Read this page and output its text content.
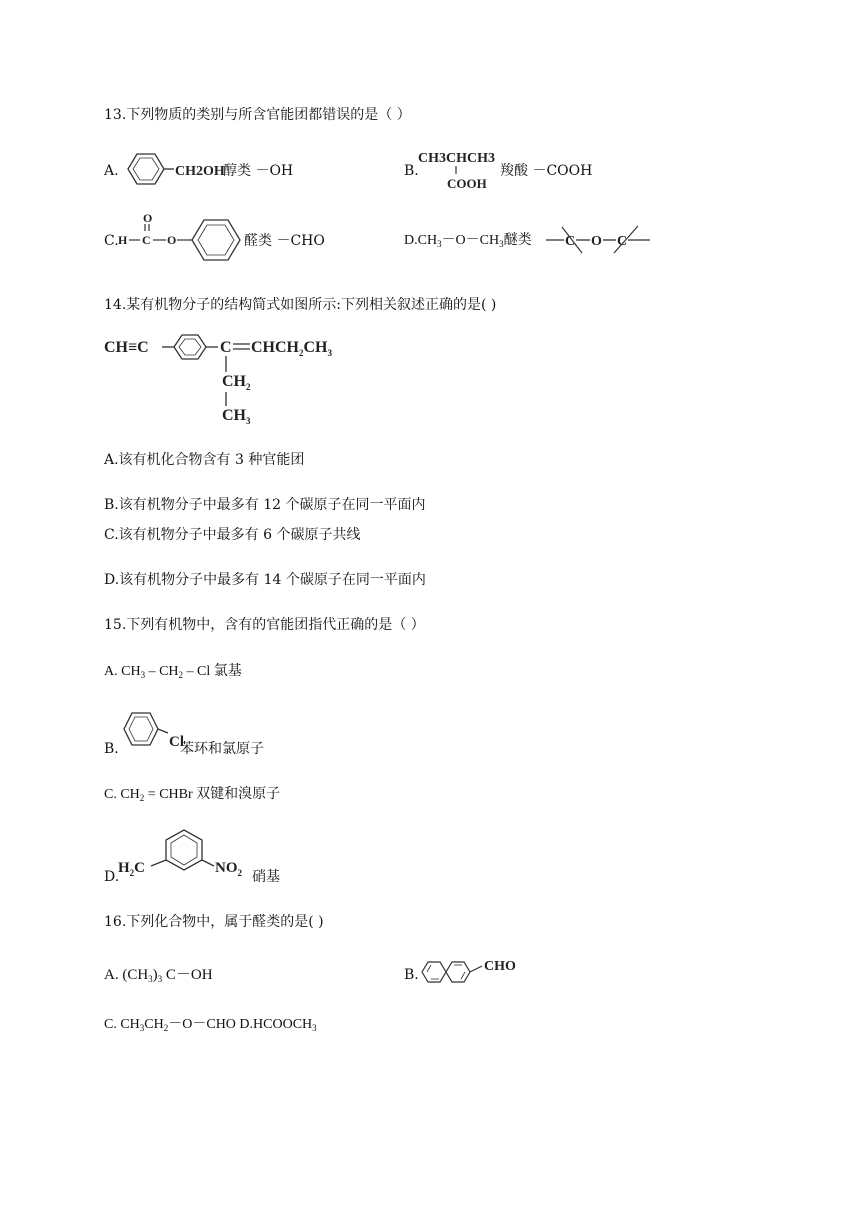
13.下列物质的类别与所含官能团都错误的是（ ）
A.	CH2OH
醇类 －OH	B.
CH3CHCH3
COOH
羧酸 －COOH
C. H C
O
O	醛类 －CHO	$D.CH_3-O-CH_3$醚类 C O C
14.某有机物分子的结构简式如图所示:下列相关叙述正确的是( )
CH≡C	C $CHCH_2CH_3$
$CH_2$
$CH_3$
A.该有机化合物含有 3 种官能团
B.该有机物分子中最多有 12 个碳原子在同一平面内
C.该有机物分子中最多有 6 个碳原子共线
D.该有机物分子中最多有 14 个碳原子在同一平面内
15.下列有机物中，含有的官能团指代正确的是（ ）
A. $CH_3 - CH_2$ – Cl 氯基
B.	Cl
苯环和氯原子
C. $CH_2$ = CHBr 双键和溴原子
D.
$H_2C$	$NO_2$ 硝基
16.下列化合物中，属于醛类的是( )
A. $(CH_3)_3$ C－OH	B.
CHO
C. $CH_3CH_2-O-CHO$ $D.HCOOCH_3$
